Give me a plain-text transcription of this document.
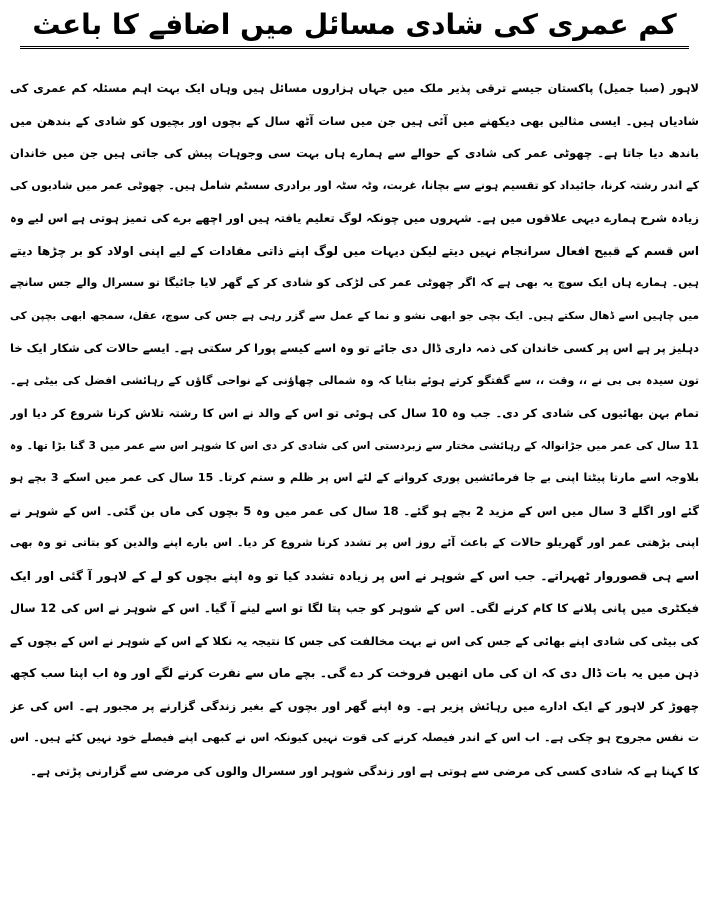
کم عمری کی شادی مسائل میں اضافے کا باعث
لاہور (صبا جمیل) پاکستان جیسے ترقی پذیر ملک میں جہاں ہزاروں مسائل ہیں وہاں ایک بہت اہم مسئلہ کم عمری کی
شادیاں ہیں۔ ایسی مثالیں بھی دیکھنے میں آئی ہیں جن میں سات آٹھ سال کے بچوں اور بچیوں کو شادی کے بندھن میں
باندھ دیا جاتا ہے۔ چھوٹی عمر کی شادی کے حوالے سے ہمارے ہاں بہت سی وجوہات پیش کی جاتی ہیں جن میں خاندان
کے اندر رشتہ کرنا، جائیداد کو تقسیم ہونے سے بچانا، غربت، وٹہ سٹہ اور برادری سسٹم شامل ہیں۔ چھوٹی عمر میں شادیوں کی
زیادہ شرح ہمارے دیہی علاقوں میں ہے۔ شہروں میں چونکہ لوگ تعلیم یافتہ ہیں اور اچھے برے کی تمیز ہوتی ہے اس لیے وہ
اس قسم کے قبیح افعال سرانجام نہیں دیتے لیکن دیہات میں لوگ اپنے ذاتی مفادات کے لیے اپنی اولاد کو بر چڑھا دیتے
ہیں۔ ہمارے ہاں ایک سوچ یہ بھی ہے کہ اگر چھوٹی عمر کی لڑکی کو شادی کر کے گھر لایا جائیگا تو سسرال والے جس سانچے
میں چاہیں اسے ڈھال سکتے ہیں۔ ایک بچی جو ابھی نشو و نما کے عمل سے گزر رہی ہے جس کی سوچ، عقل، سمجھ ابھی بچپن کی
دہلیز پر ہے اس پر کسی خاندان کی ذمہ داری ڈال دی جائے تو وہ اسے کیسے پورا کر سکتی ہے۔ ایسے حالات کی شکار ایک خا
تون سیدہ بی بی نے ،، وقت ،، سے گفتگو کرتے ہوئے بتایا کہ وہ شمالی چھاؤنی کے نواحی گاؤں کے رہائشی افضل کی بیٹی ہے۔
تمام بہن بھائیوں کی شادی کر دی۔ جب وہ 10 سال کی ہوئی تو اس کے والد نے اس کا رشتہ تلاش کرنا شروع کر دیا اور
11 سال کی عمر میں جڑانوالہ کے رہائشی مختار سے زبردستی اس کی شادی کر دی اس کا شوہر اس سے عمر میں 3 گنا بڑا تھا۔ وہ
بلاوجہ اسے مارتا پیٹتا اپنی بے جا فرمائشیں پوری کروانے کے لئے اس پر ظلم و ستم کرتا۔ 15 سال کی عمر میں اسکے 3 بچے ہو
گئے اور اگلے 3 سال میں اس کے مزید 2 بچے ہو گئے۔ 18 سال کی عمر میں وہ 5 بچوں کی ماں بن گئی۔ اس کے شوہر نے
اپنی بڑھتی عمر اور گھریلو حالات کے باعث آئے روز اس پر تشدد کرنا شروع کر دیا۔ اس بارے اپنے والدین کو بتاتی تو وہ بھی
اسے ہی قصوروار ٹھہراتے۔ جب اس کے شوہر نے اس پر زیادہ تشدد کیا تو وہ اپنے بچوں کو لے کے لاہور آ گئی اور ایک
فیکٹری میں پانی پلانے کا کام کرنے لگی۔ اس کے شوہر کو جب پتا لگا تو اسے لینے آ گیا۔ اس کے شوہر نے اس کی 12 سال
کی بیٹی کی شادی اپنے بھائی کے جس کی اس نے بہت مخالفت کی جس کا نتیجہ یہ نکلا کے اس کے شوہر نے اس کے بچوں کے
ذہن میں یہ بات ڈال دی کہ ان کی ماں انھیں فروخت کر دے گی۔ بچے ماں سے نفرت کرنے لگے اور وہ اب اپنا سب کچھ
چھوڑ کر لاہور کے ایک ادارے میں رہائش پزیر ہے۔ وہ اپنے گھر اور بچوں کے بغیر زندگی گزارنے پر مجبور ہے۔ اس کی عز
ت نفس مجروح ہو چکی ہے۔ اب اس کے اندر فیصلہ کرنے کی قوت نہیں کیونکہ اس نے کبھی اپنے فیصلے خود نہیں کئے ہیں۔ اس
کا کہنا ہے کہ شادی کسی کی مرضی سے ہوتی ہے اور زندگی شوہر اور سسرال والوں کی مرضی سے گزارنی پڑتی ہے۔
